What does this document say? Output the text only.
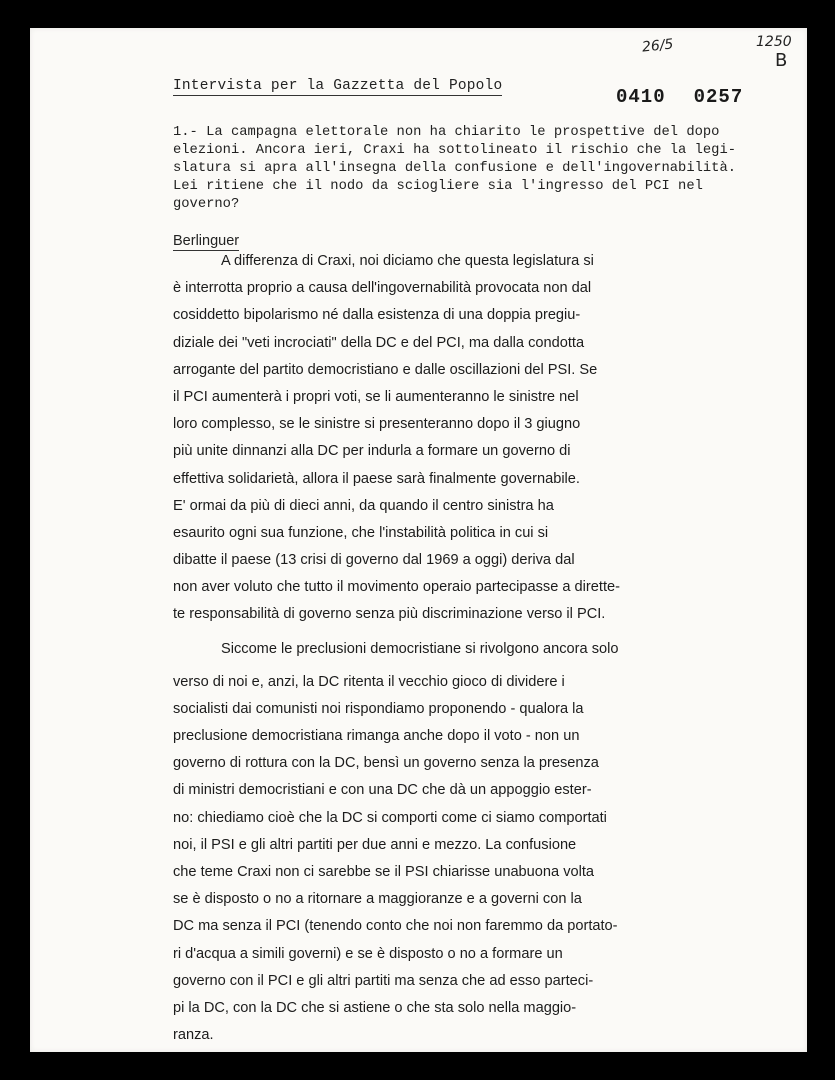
26/5	1250
B
Intervista per la Gazzetta del Popolo	0410 0257
1.- La campagna elettorale non ha chiarito le prospettive del dopo
elezioni. Ancora ieri, Craxi ha sottolineato il rischio che la legi-
slatura si apra all'insegna della confusione e dell'ingovernabilità.
Lei ritiene che il nodo da sciogliere sia l'ingresso del PCI nel
governo?
Berlinguer
A differenza di Craxi, noi diciamo che questa legislatura si
è interrotta proprio a causa dell'ingovernabilità provocata non dal
cosiddetto bipolarismo né dalla esistenza di una doppia pregiu-
diziale dei "veti incrociati" della DC e del PCI, ma dalla condotta
arrogante del partito democristiano e dalle oscillazioni del PSI. Se
il PCI aumenterà i propri voti, se li aumenteranno le sinistre nel
loro complesso, se le sinistre si presenteranno dopo il 3 giugno
più unite dinnanzi alla DC per indurla a formare un governo di
effettiva solidarietà, allora il paese sarà finalmente governabile.
E' ormai da più di dieci anni, da quando il centro sinistra ha
esaurito ogni sua funzione, che l'instabilità politica in cui si
dibatte il paese (13 crisi di governo dal 1969 a oggi) deriva dal
non aver voluto che tutto il movimento operaio partecipasse a dirette-
te responsabilità di governo senza più discriminazione verso il PCI.
Siccome le preclusioni democristiane si rivolgono ancora solo
verso di noi e, anzi, la DC ritenta il vecchio gioco di dividere i
socialisti dai comunisti noi rispondiamo proponendo - qualora la
preclusione democristiana rimanga anche dopo il voto - non un
governo di rottura con la DC, bensì un governo senza la presenza
di ministri democristiani e con una DC che dà un appoggio ester-
no: chiediamo cioè che la DC si comporti come ci siamo comportati
noi, il PSI e gli altri partiti per due anni e mezzo. La confusione
che teme Craxi non ci sarebbe se il PSI chiarisse unabuona volta
se è disposto o no a ritornare a maggioranze e a governi con la
DC ma senza il PCI (tenendo conto che noi non faremmo da portato-
ri d'acqua a simili governi) e se è disposto o no a formare un
governo con il PCI e gli altri partiti ma senza che ad esso parteci-
pi la DC, con la DC che si astiene o che sta solo nella maggio-
ranza.
